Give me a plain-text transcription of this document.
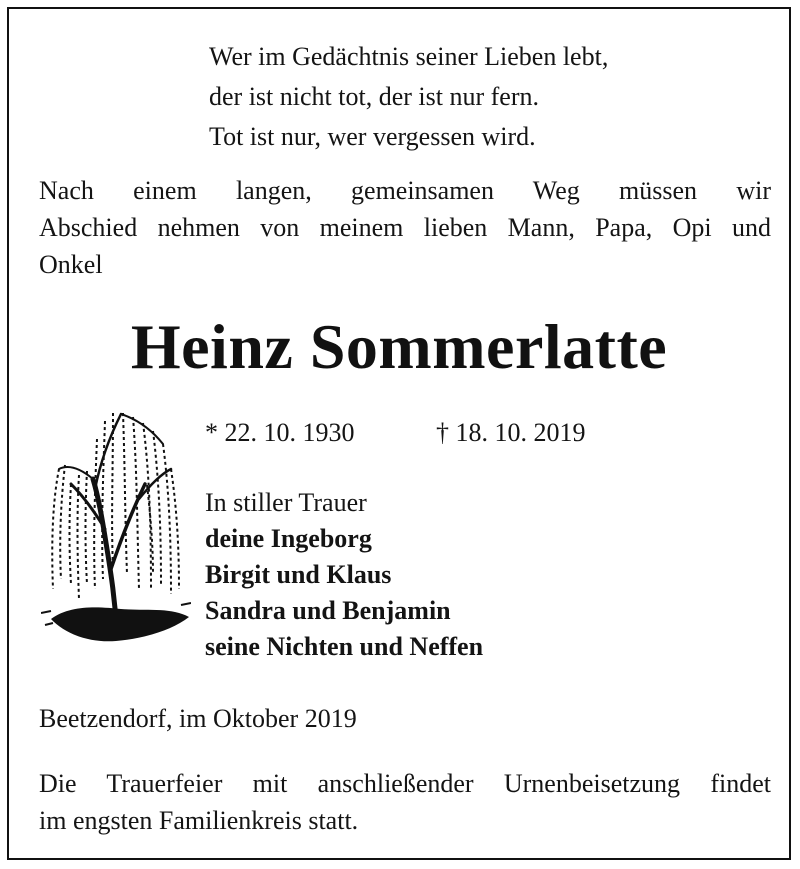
Wer im Gedächtnis seiner Lieben lebt,
der ist nicht tot, der ist nur fern.
Tot ist nur, wer vergessen wird.
Nach einem langen, gemeinsamen Weg müssen wir
Abschied nehmen von meinem lieben Mann, Papa, Opi und
Onkel
Heinz Sommerlatte
* 22. 10. 1930	† 18. 10. 2019
In stiller Trauer
deine Ingeborg
Birgit und Klaus
Sandra und Benjamin
seine Nichten und Neffen
Beetzendorf, im Oktober 2019
Die Trauerfeier mit anschließender Urnenbeisetzung findet
im engsten Familienkreis statt.
